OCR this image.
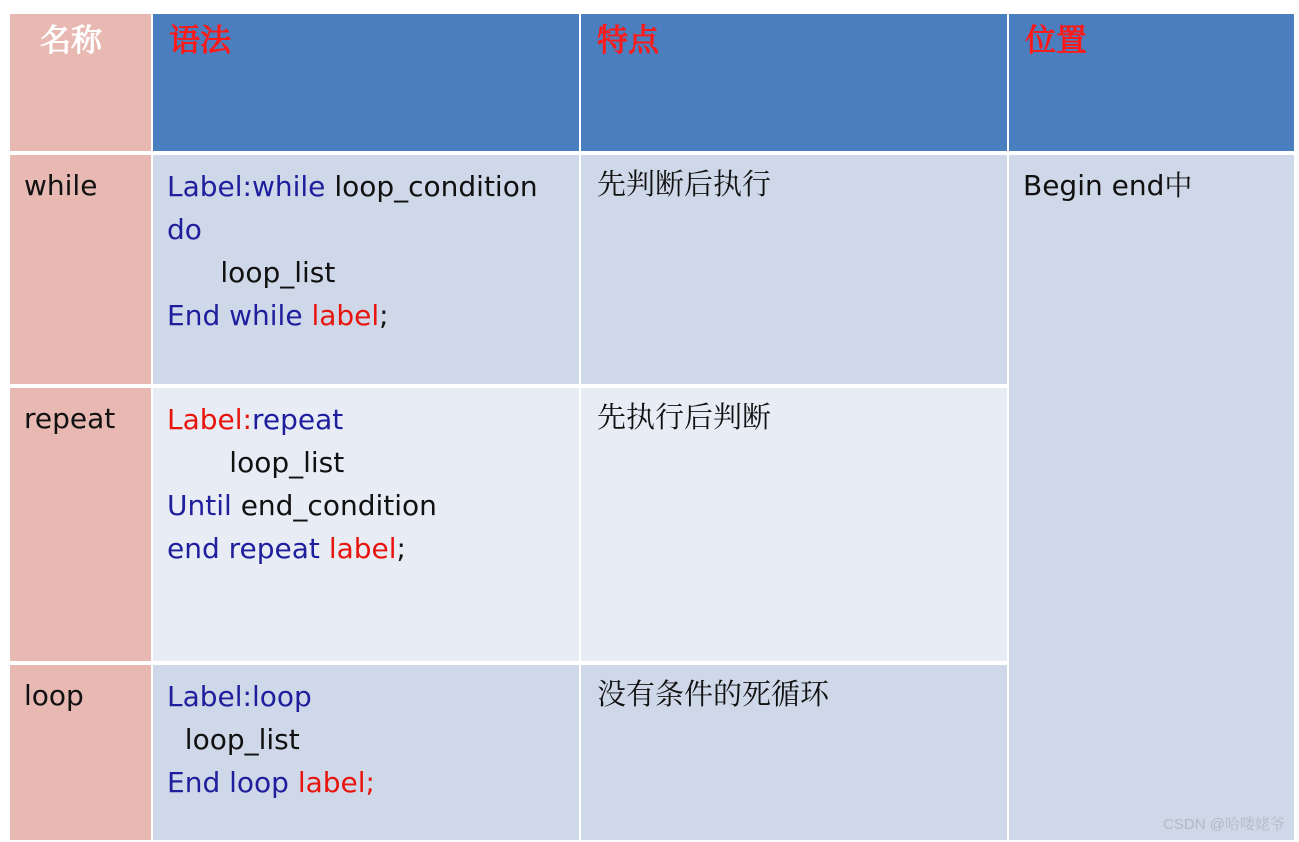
名称	语法	特点	位置
while	Label:while loop_condition
do
loop_list
End while label;
先判断后执行	Begin end中
repeat	Label:repeat
loop_list
Until end_condition
end repeat label;
先执行后判断
loop	Label:loop
loop_list
End loop label;
没有条件的死循环
CSDN @哈喽姥爷
